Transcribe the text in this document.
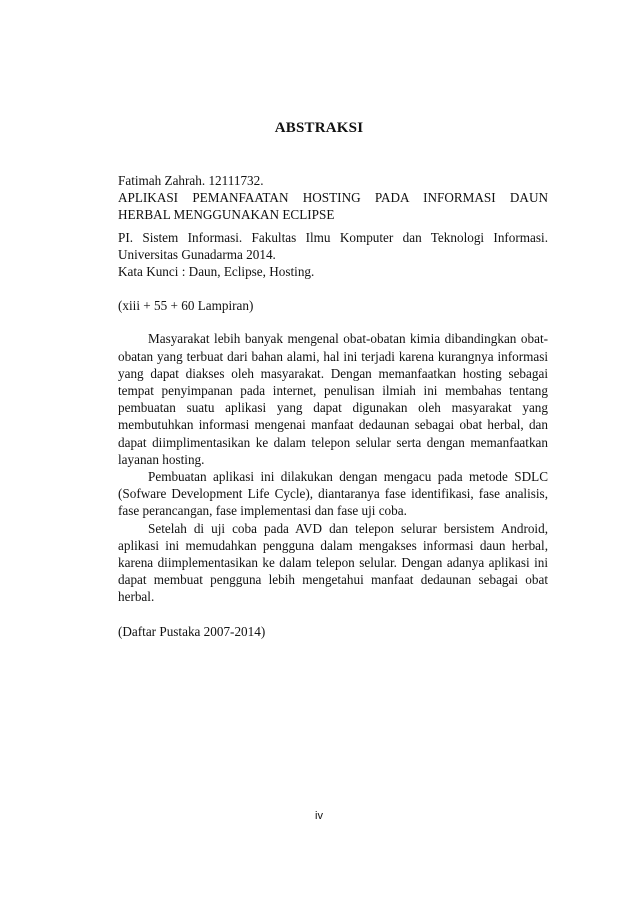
ABSTRAKSI
Fatimah Zahrah. 12111732.
APLIKASI PEMANFAATAN HOSTING PADA INFORMASI DAUN
HERBAL MENGGUNAKAN ECLIPSE
PI. Sistem Informasi. Fakultas Ilmu Komputer dan Teknologi Informasi.
Universitas Gunadarma 2014.
Kata Kunci : Daun, Eclipse, Hosting.
(xiii + 55 + 60 Lampiran)

Masyarakat lebih banyak mengenal obat-obatan kimia dibandingkan obat-obatan yang terbuat dari bahan alami, hal ini terjadi karena kurangnya informasi yang dapat diakses oleh masyarakat. Dengan memanfaatkan hosting sebagai tempat penyimpanan pada internet, penulisan ilmiah ini membahas tentang pembuatan suatu aplikasi yang dapat digunakan oleh masyarakat yang membutuhkan informasi mengenai manfaat dedaunan sebagai obat herbal, dan dapat diimplimentasikan ke dalam telepon selular serta dengan memanfaatkan layanan hosting.

Pembuatan aplikasi ini dilakukan dengan mengacu pada metode SDLC (Sofware Development Life Cycle), diantaranya fase identifikasi, fase analisis, fase perancangan, fase implementasi dan fase uji coba.

Setelah di uji coba pada AVD dan telepon selurar bersistem Android, aplikasi ini memudahkan pengguna dalam mengakses informasi daun herbal, karena diimplementasikan ke dalam telepon selular. Dengan adanya aplikasi ini dapat membuat pengguna lebih mengetahui manfaat dedaunan sebagai obat herbal.

(Daftar Pustaka 2007-2014)
iv
